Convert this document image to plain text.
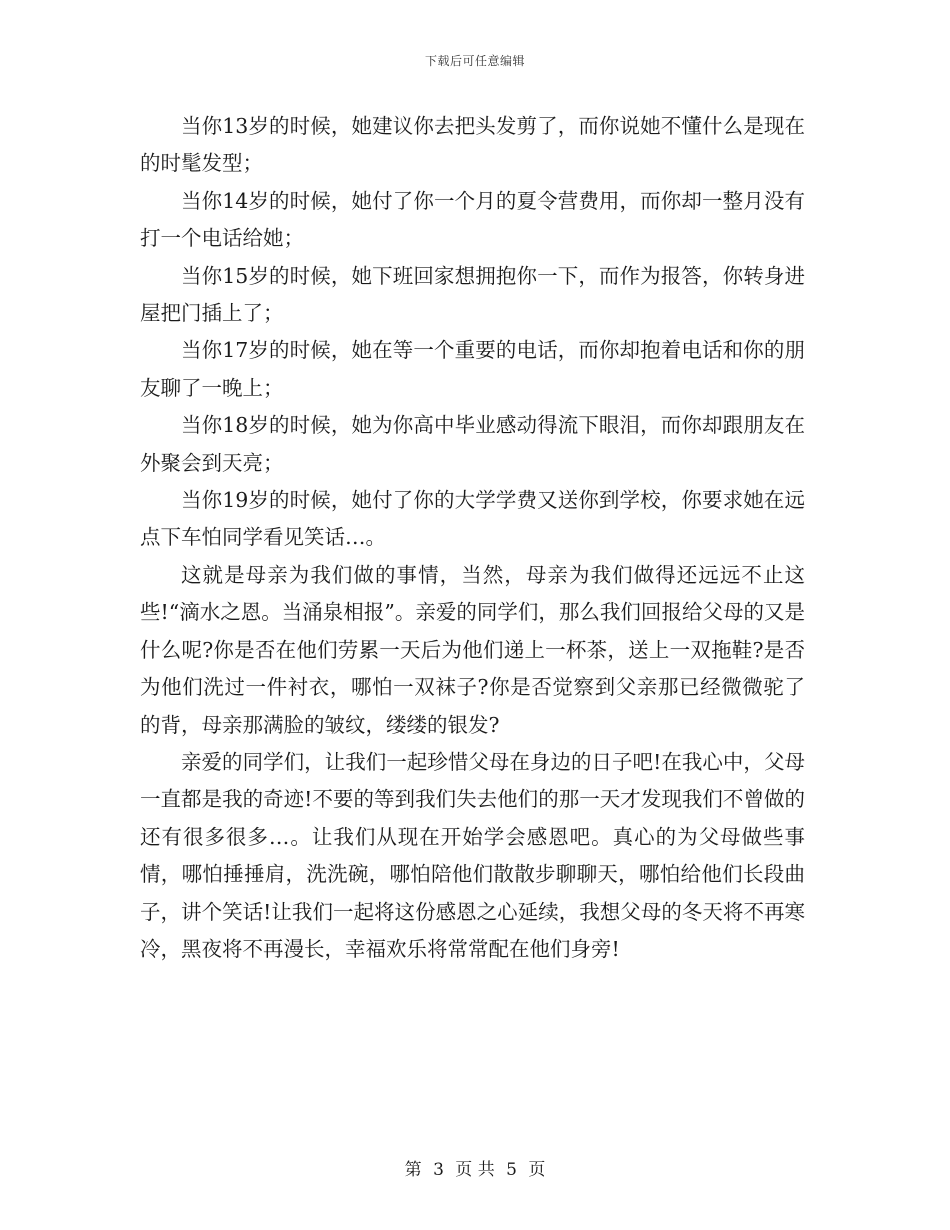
下载后可任意编辑

当你13岁的时候，她建议你去把头发剪了，而你说她不懂什么是现在的时髦发型；

当你14岁的时候，她付了你一个月的夏令营费用，而你却一整月没有打一个电话给她；

当你15岁的时候，她下班回家想拥抱你一下，而作为报答，你转身进屋把门插上了；

当你17岁的时候，她在等一个重要的电话，而你却抱着电话和你的朋友聊了一晚上；

当你18岁的时候，她为你高中毕业感动得流下眼泪，而你却跟朋友在外聚会到天亮；

当你19岁的时候，她付了你的大学学费又送你到学校，你要求她在远点下车怕同学看见笑话…。

这就是母亲为我们做的事情，当然，母亲为我们做得还远远不止这些!“滴水之恩。当涌泉相报”。亲爱的同学们，那么我们回报给父母的又是什么呢?你是否在他们劳累一天后为他们递上一杯茶，送上一双拖鞋?是否为他们洗过一件衬衣，哪怕一双袜子?你是否觉察到父亲那已经微微驼了的背，母亲那满脸的皱纹，缕缕的银发?

亲爱的同学们，让我们一起珍惜父母在身边的日子吧!在我心中，父母一直都是我的奇迹!不要的等到我们失去他们的那一天才发现我们不曾做的还有很多很多…。让我们从现在开始学会感恩吧。真心的为父母做些事情，哪怕捶捶肩，洗洗碗，哪怕陪他们散散步聊聊天，哪怕给他们长段曲子，讲个笑话!让我们一起将这份感恩之心延续，我想父母的冬天将不再寒冷，黑夜将不再漫长，幸福欢乐将常常配在他们身旁!

第 3 页 共 5 页
